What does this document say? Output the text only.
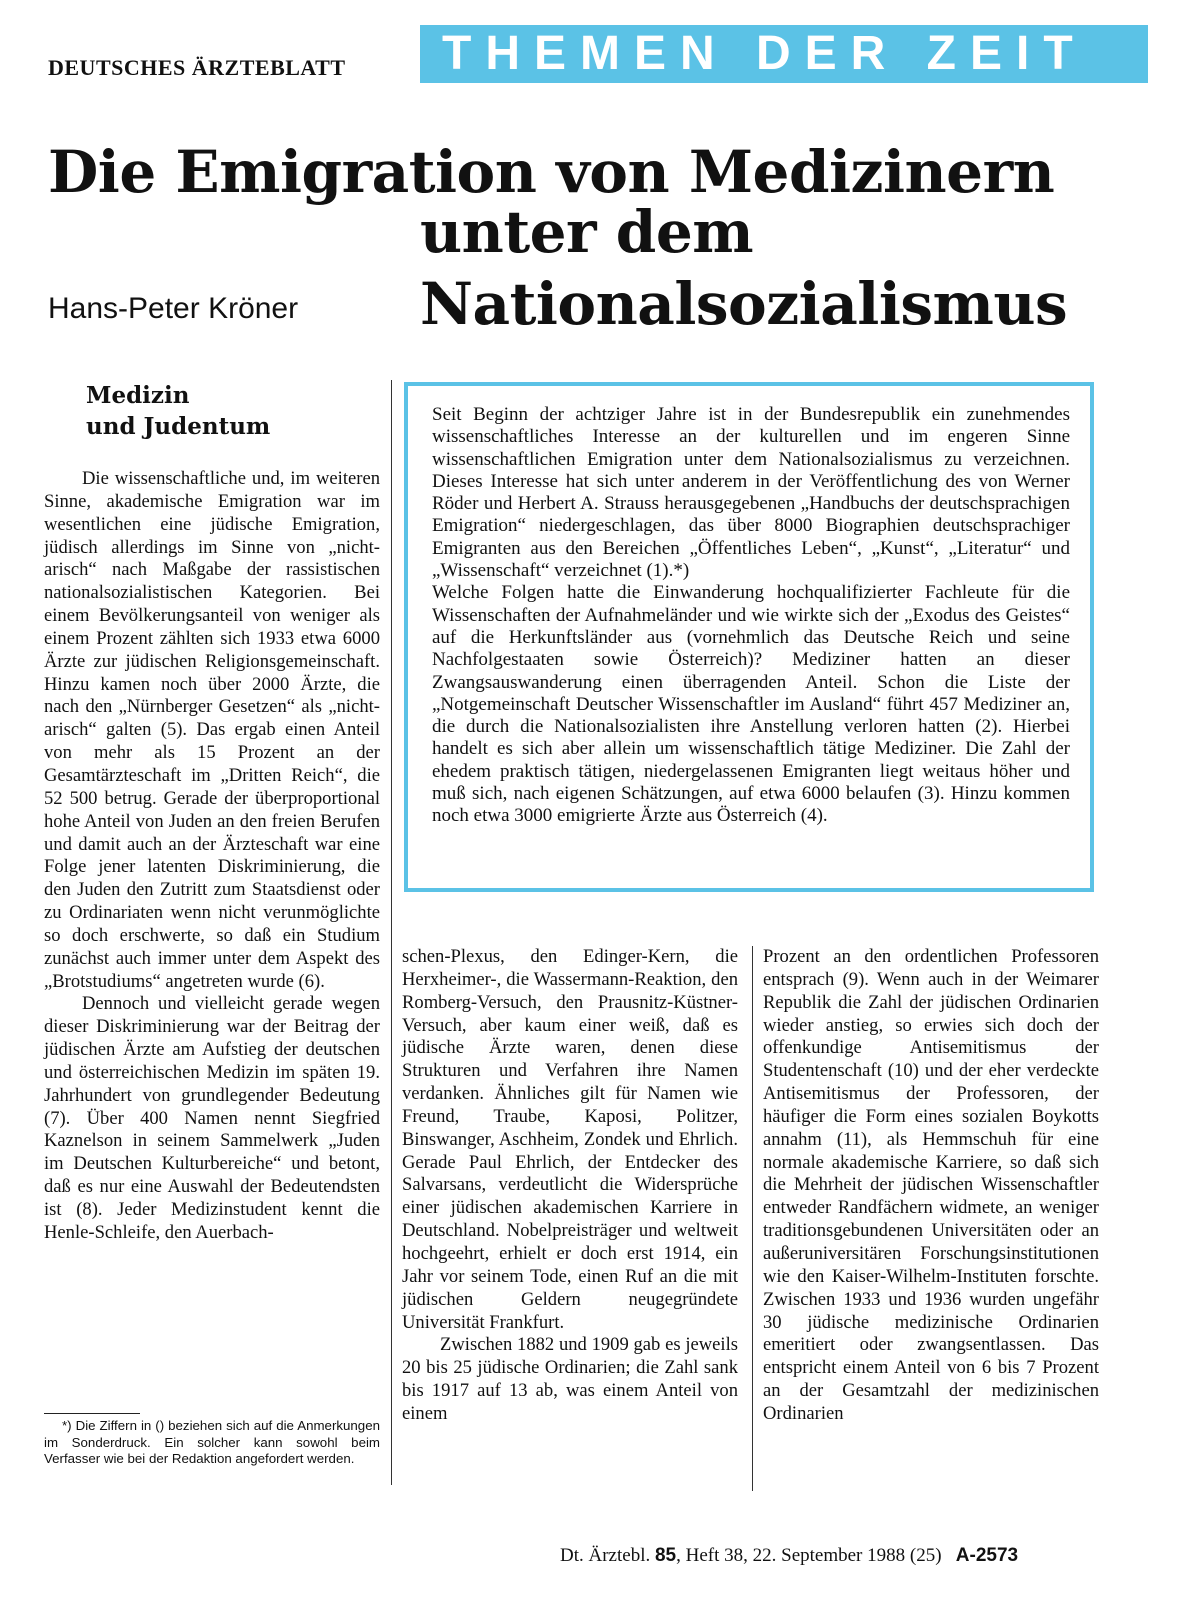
DEUTSCHES ÄRZTEBLATT	THEMEN DER ZEIT
Die Emigration von Medizinern
unter dem
Nationalsozialismus
Hans-Peter Kröner
Medizin
und Judentum	Seit Beginn der achtziger Jahre ist in der Bundesrepublik ein zunehmendes wissenschaftliches Interesse an der kulturellen und im engeren Sinne wissenschaftlichen Emigration unter dem Nationalsozialismus zu verzeichnen. Dieses Interesse hat sich unter anderem in der Veröffentlichung des von Werner Röder und Herbert A. Strauss herausgegebenen „Handbuchs der deutschsprachigen Emigration“ niedergeschlagen, das über 8000 Biographien deutschsprachiger Emigranten aus den Bereichen „Öffentliches Leben“, „Kunst“, „Literatur“ und „Wissenschaft“ verzeichnet (1).*)

Welche Folgen hatte die Einwanderung hochqualifizierter Fachleute für die Wissenschaften der Aufnahmeländer und wie wirkte sich der „Exodus des Geistes“ auf die Herkunftsländer aus (vornehmlich das Deutsche Reich und seine Nachfolgestaaten sowie Österreich)? Mediziner hatten an dieser Zwangsauswanderung einen überragenden Anteil. Schon die Liste der „Notgemeinschaft Deutscher Wissenschaftler im Ausland“ führt 457 Mediziner an, die durch die Nationalsozialisten ihre Anstellung verloren hatten (2). Hierbei handelt es sich aber allein um wissenschaftlich tätige Mediziner. Die Zahl der ehedem praktisch tätigen, niedergelassenen Emigranten liegt weitaus höher und muß sich, nach eigenen Schätzungen, auf etwa 6000 belaufen (3). Hinzu kommen noch etwa 3000 emigrierte Ärzte aus Österreich (4).

Die wissenschaftliche und, im weiteren Sinne, akademische Emigration war im wesentlichen eine jüdische Emigration, jüdisch allerdings im Sinne von „nicht-arisch“ nach Maßgabe der rassistischen nationalsozialistischen Kategorien. Bei einem Bevölkerungsanteil von weniger als einem Prozent zählten sich 1933 etwa 6000 Ärzte zur jüdischen Religionsgemeinschaft. Hinzu kamen noch über 2000 Ärzte, die nach den „Nürnberger Gesetzen“ als „nicht-arisch“ galten (5). Das ergab einen Anteil von mehr als 15 Prozent an der Gesamtärzteschaft im „Dritten Reich“, die 52 500 betrug. Gerade der überproportional hohe Anteil von Juden an den freien Berufen und damit auch an der Ärzteschaft war eine Folge jener latenten Diskriminierung, die den Juden den Zutritt zum Staatsdienst oder zu Ordinariaten wenn nicht verunmöglichte so doch erschwerte, so daß ein Studium zunächst auch immer unter dem Aspekt des „Brotstudiums“ angetreten wurde (6).

Dennoch und vielleicht gerade wegen dieser Diskriminierung war der Beitrag der jüdischen Ärzte am Aufstieg der deutschen und österreichischen Medizin im späten 19. Jahrhundert von grundlegender Bedeutung (7). Über 400 Namen nennt Siegfried Kaznelson in seinem Sammelwerk „Juden im Deutschen Kulturbereiche“ und betont, daß es nur eine Auswahl der Bedeutendsten ist (8). Jeder Medizinstudent kennt die Henle-Schleife, den Auerbach-

schen-Plexus, den Edinger-Kern, die Herxheimer-, die Wassermann-Reaktion, den Romberg-Versuch, den Prausnitz-Küstner-Versuch, aber kaum einer weiß, daß es jüdische Ärzte waren, denen diese Strukturen und Verfahren ihre Namen verdanken. Ähnliches gilt für Namen wie Freund, Traube, Kaposi, Politzer, Binswanger, Aschheim, Zondek und Ehrlich. Gerade Paul Ehrlich, der Entdecker des Salvarsans, verdeutlicht die Widersprüche einer jüdischen akademischen Karriere in Deutschland. Nobelpreisträger und weltweit hochgeehrt, erhielt er doch erst 1914, ein Jahr vor seinem Tode, einen Ruf an die mit jüdischen Geldern neugegründete Universität Frankfurt.

Zwischen 1882 und 1909 gab es jeweils 20 bis 25 jüdische Ordinarien; die Zahl sank bis 1917 auf 13 ab, was einem Anteil von einem

Prozent an den ordentlichen Professoren entsprach (9). Wenn auch in der Weimarer Republik die Zahl der jüdischen Ordinarien wieder anstieg, so erwies sich doch der offenkundige Antisemitismus der Studentenschaft (10) und der eher verdeckte Antisemitismus der Professoren, der häufiger die Form eines sozialen Boykotts annahm (11), als Hemmschuh für eine normale akademische Karriere, so daß sich die Mehrheit der jüdischen Wissenschaftler entweder Randfächern widmete, an weniger traditionsgebundenen Universitäten oder an außeruniversitären Forschungsinstitutionen wie den Kaiser-Wilhelm-Instituten forschte. Zwischen 1933 und 1936 wurden ungefähr 30 jüdische medizinische Ordinarien emeritiert oder zwangsentlassen. Das entspricht einem Anteil von 6 bis 7 Prozent an der Gesamtzahl der medizinischen Ordinarien

*) Die Ziffern in () beziehen sich auf die Anmerkungen im Sonderdruck. Ein solcher kann sowohl beim Verfasser wie bei der Redaktion angefordert werden.
Dt. Ärztebl. 85, Heft 38, 22. September 1988 (25) A-2573
